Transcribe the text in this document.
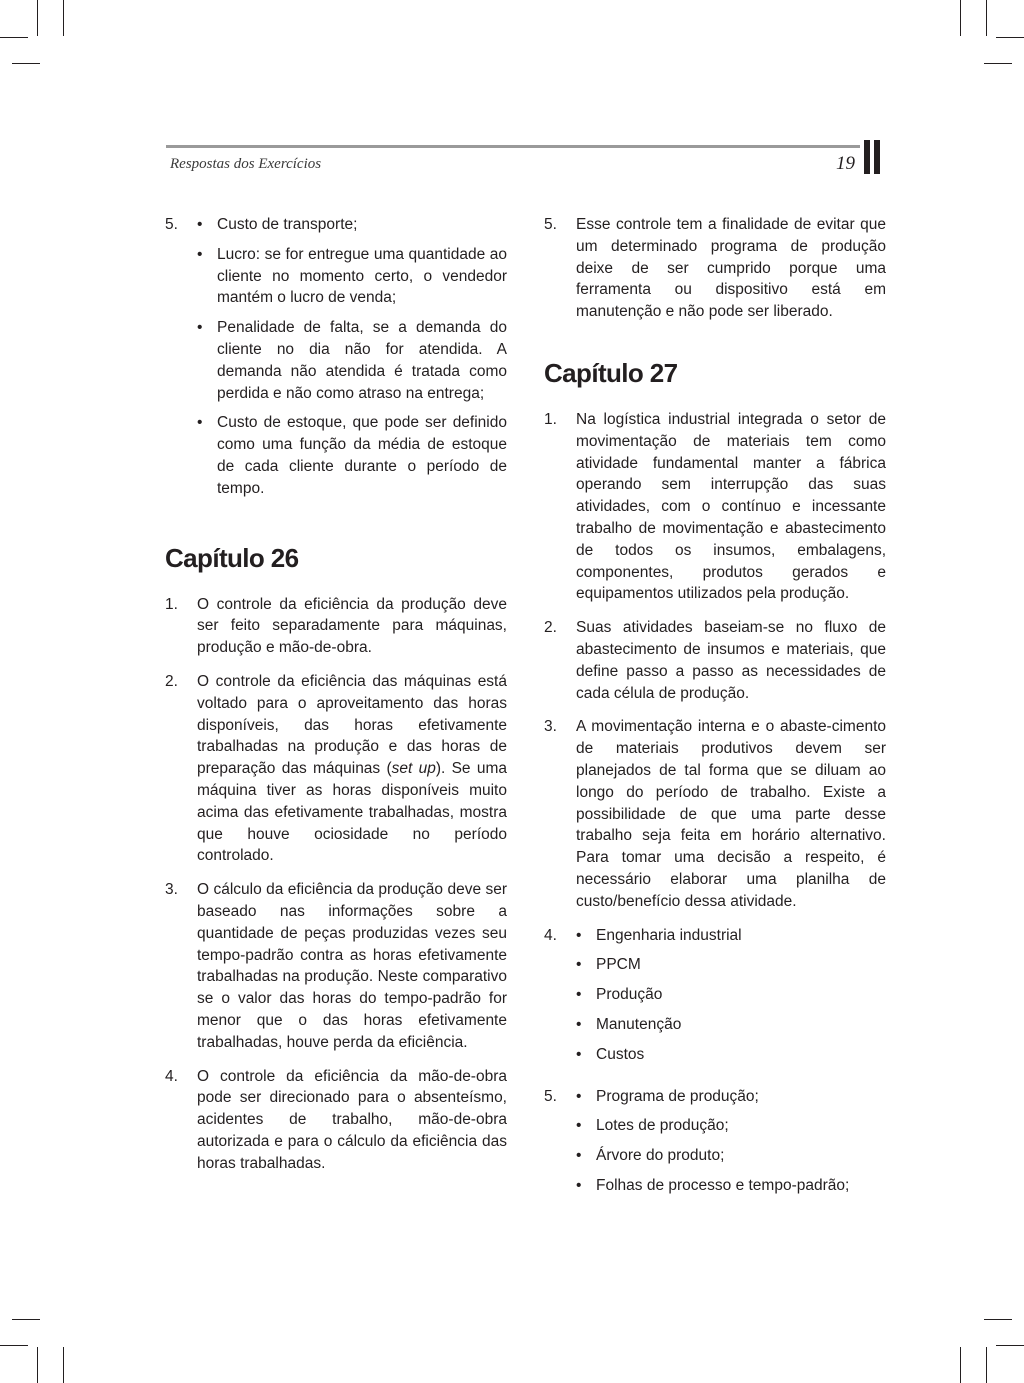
Respostas dos Exercícios	19
5.	• Custo de transporte;
• Lucro: se for entregue uma quantidade ao cliente no momento certo, o vendedor mantém o lucro de venda;
• Penalidade de falta, se a demanda do cliente no dia não for atendida. A demanda não atendida é tratada como perdida e não como atraso na entrega;
• Custo de estoque, que pode ser definido como uma função da média de estoque de cada cliente durante o período de tempo.
Capítulo 26
1.	O controle da eficiência da produção deve ser feito separadamente para máquinas, produção e mão-de-obra.
2.	O controle da eficiência das máquinas está voltado para o aproveitamento das horas disponíveis, das horas efetivamente trabalhadas na produção e das horas de preparação das máquinas (set up). Se uma máquina tiver as horas disponíveis muito acima das efetivamente trabalhadas, mostra que houve ociosidade no período controlado.
3.	O cálculo da eficiência da produção deve ser baseado nas informações sobre a quantidade de peças produzidas vezes seu tempo-padrão contra as horas efetivamente trabalhadas na produção. Neste comparativo se o valor das horas do tempo-padrão for menor que o das horas efetivamente trabalhadas, houve perda da eficiência.
4.	O controle da eficiência da mão-de-obra pode ser direcionado para o absenteísmo, acidentes de trabalho, mão-de-obra autorizada e para o cálculo da eficiência das horas trabalhadas.
5.	Esse controle tem a finalidade de evitar que um determinado programa de produção deixe de ser cumprido porque uma ferramenta ou dispositivo está em manutenção e não pode ser liberado.
Capítulo 27
1.	Na logística industrial integrada o setor de movimentação de materiais tem como atividade fundamental manter a fábrica operando sem interrupção das suas atividades, com o contínuo e incessante trabalho de movimentação e abastecimento de todos os insumos, embalagens, componentes, produtos gerados e equipamentos utilizados pela produção.
2.	Suas atividades baseiam-se no fluxo de abastecimento de insumos e materiais, que define passo a passo as necessidades de cada célula de produção.
3.	A movimentação interna e o abaste-cimento de materiais produtivos devem ser planejados de tal forma que se diluam ao longo do período de trabalho. Existe a possibilidade de que uma parte desse trabalho seja feita em horário alternativo. Para tomar uma decisão a respeito, é necessário elaborar uma planilha de custo/benefício dessa atividade.
4.	• Engenharia industrial
• PPCM
• Produção
• Manutenção
• Custos
5.	• Programa de produção;
• Lotes de produção;
• Árvore do produto;
• Folhas de processo e tempo-padrão;
